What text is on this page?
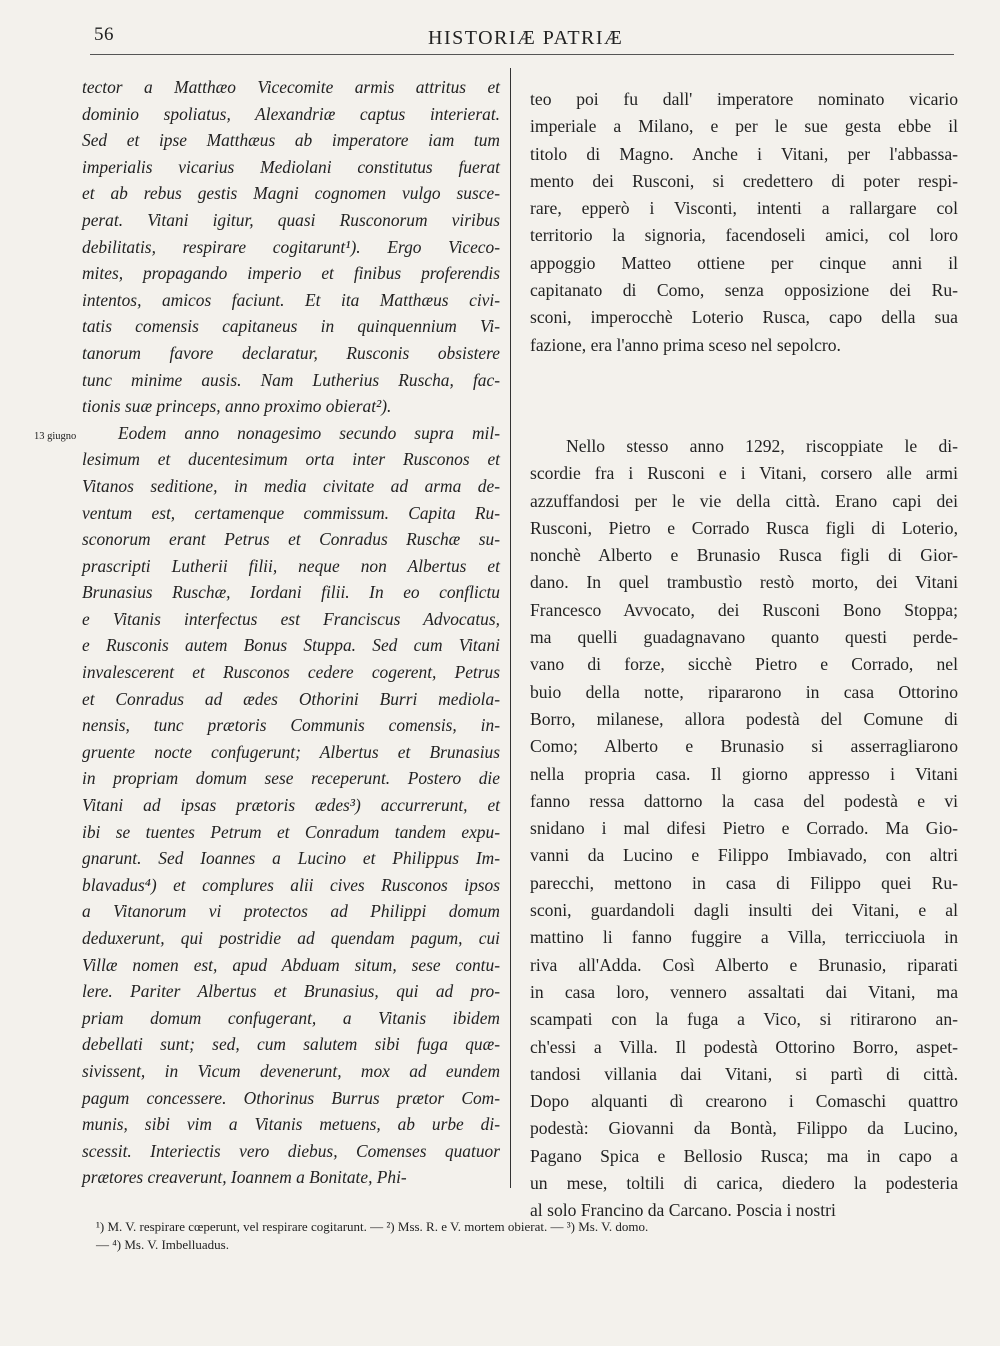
56	HISTORIÆ PATRIÆ
13 giugno
tector a Matthæo Vicecomite armis attritus et
dominio spoliatus, Alexandriæ captus interierat.
Sed et ipse Matthæus ab imperatore iam tum
imperialis vicarius Mediolani constitutus fuerat
et ab rebus gestis Magni cognomen vulgo susce-
perat. Vitani igitur, quasi Rusconorum viribus
debilitatis, respirare cogitarunt¹). Ergo Viceco-
mites, propagando imperio et finibus proferendis
intentos, amicos faciunt. Et ita Matthæus civi-
tatis comensis capitaneus in quinquennium Vi-
tanorum favore declaratur, Rusconis obsistere
tunc minime ausis. Nam Lutherius Ruscha, fac-
tionis suæ princeps, anno proximo obierat²).
Eodem anno nonagesimo secundo supra mil-
lesimum et ducentesimum orta inter Rusconos et
Vitanos seditione, in media civitate ad arma de-
ventum est, certamenque commissum. Capita Ru-
sconorum erant Petrus et Conradus Ruschæ su-
prascripti Lutherii filii, neque non Albertus et
Brunasius Ruschæ, Iordani filii. In eo conflictu
e Vitanis interfectus est Franciscus Advocatus,
e Rusconis autem Bonus Stuppa. Sed cum Vitani
invalescerent et Rusconos cedere cogerent, Petrus
et Conradus ad ædes Othorini Burri mediola-
nensis, tunc prætoris Communis comensis, in-
gruente nocte confugerunt; Albertus et Brunasius
in propriam domum sese receperunt. Postero die
Vitani ad ipsas prætoris ædes³) accurrerunt, et
ibi se tuentes Petrum et Conradum tandem expu-
gnarunt. Sed Ioannes a Lucino et Philippus Im-
blavadus⁴) et complures alii cives Rusconos ipsos
a Vitanorum vi protectos ad Philippi domum
deduxerunt, qui postridie ad quendam pagum, cui
Villæ nomen est, apud Abduam situm, sese contu-
lere. Pariter Albertus et Brunasius, qui ad pro-
priam domum confugerant, a Vitanis ibidem
debellati sunt; sed, cum salutem sibi fuga quæ-
sivissent, in Vicum devenerunt, mox ad eundem
pagum concessere. Othorinus Burrus prætor Com-
munis, sibi vim a Vitanis metuens, ab urbe di-
scessit. Interiectis vero diebus, Comenses quatuor
prætores creaverunt, Ioannem a Bonitate, Phi-
teo poi fu dall' imperatore nominato vicario
imperiale a Milano, e per le sue gesta ebbe il
titolo di Magno. Anche i Vitani, per l'abbassa-
mento dei Rusconi, si credettero di poter respi-
rare, epperò i Visconti, intenti a rallargare col
territorio la signoria, facendoseli amici, col loro
appoggio Matteo ottiene per cinque anni il
capitanato di Como, senza opposizione dei Ru-
sconi, imperocchè Loterio Rusca, capo della sua
fazione, era l'anno prima sceso nel sepolcro.
Nello stesso anno 1292, riscoppiate le di-
scordie fra i Rusconi e i Vitani, corsero alle armi
azzuffandosi per le vie della città. Erano capi dei
Rusconi, Pietro e Corrado Rusca figli di Loterio,
nonchè Alberto e Brunasio Rusca figli di Gior-
dano. In quel trambustìo restò morto, dei Vitani
Francesco Avvocato, dei Rusconi Bono Stoppa;
ma quelli guadagnavano quanto questi perde-
vano di forze, sicchè Pietro e Corrado, nel
buio della notte, ripararono in casa Ottorino
Borro, milanese, allora podestà del Comune di
Como; Alberto e Brunasio si asserragliarono
nella propria casa. Il giorno appresso i Vitani
fanno ressa dattorno la casa del podestà e vi
snidano i mal difesi Pietro e Corrado. Ma Gio-
vanni da Lucino e Filippo Imbiavado, con altri
parecchi, mettono in casa di Filippo quei Ru-
sconi, guardandoli dagli insulti dei Vitani, e al
mattino li fanno fuggire a Villa, terricciuola in
riva all'Adda. Così Alberto e Brunasio, riparati
in casa loro, vennero assaltati dai Vitani, ma
scampati con la fuga a Vico, si ritirarono an-
ch'essi a Villa. Il podestà Ottorino Borro, aspet-
tandosi villania dai Vitani, si partì di città.
Dopo alquanti dì crearono i Comaschi quattro
podestà: Giovanni da Bontà, Filippo da Lucino,
Pagano Spica e Bellosio Rusca; ma in capo a
un mese, toltili di carica, diedero la podesteria
al solo Francino da Carcano. Poscia i nostri
¹) M. V. respirare cœperunt, vel respirare cogitarunt. — ²) Mss. R. e V. mortem obierat. — ³) Ms. V. domo.
— ⁴) Ms. V. Imbelluadus.
